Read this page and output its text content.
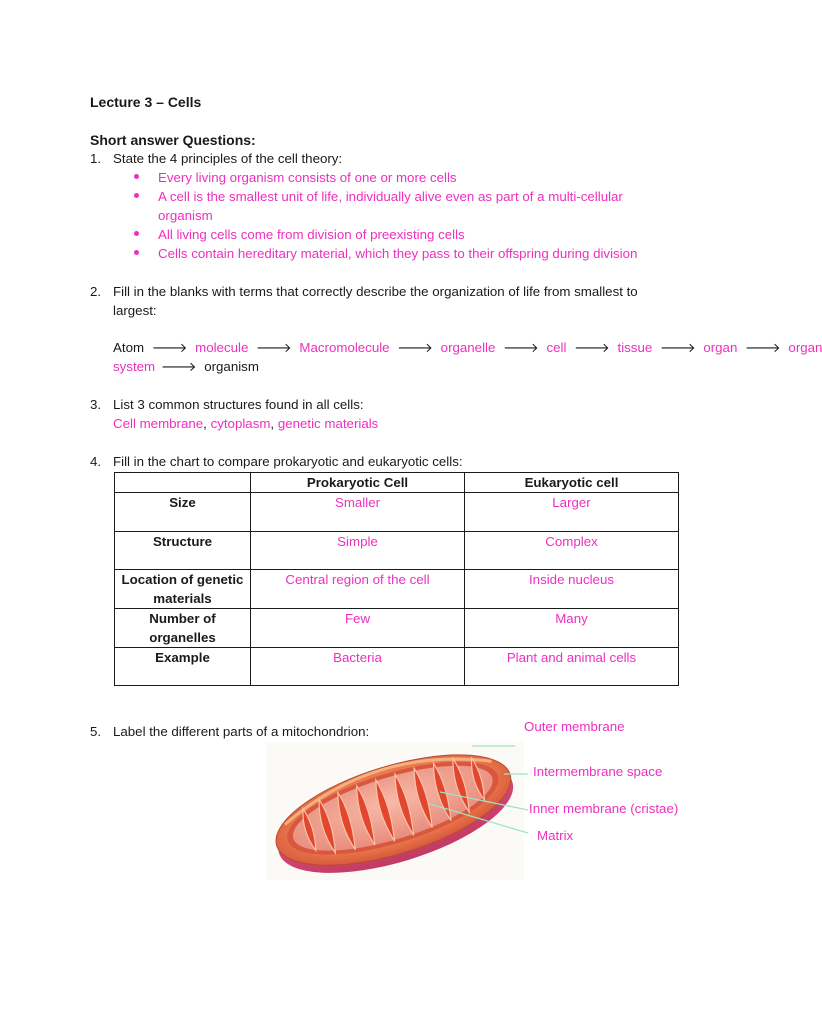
Lecture 3 – Cells
Short answer Questions:
1. State the 4 principles of the cell theory:
Every living organism consists of one or more cells
A cell is the smallest unit of life, individually alive even as part of a multi-cellular
organism
All living cells come from division of preexisting cells
Cells contain hereditary material, which they pass to their offspring during division
2. Fill in the blanks with terms that correctly describe the organization of life from smallest to
largest:
Atom 🡒 molecule 🡒 Macromolecule 🡒 organelle 🡒 cell 🡒 tissue 🡒 organ 🡒 organ
system 🡒 organism
3. List 3 common structures found in all cells:
Cell membrane, cytoplasm, genetic materials
4. Fill in the chart to compare prokaryotic and eukaryotic cells:
	Prokaryotic Cell	Eukaryotic cell
Size	Smaller	Larger
Structure	Simple	Complex
Location of genetic materials	Central region of the cell	Inside nucleus
Number of organelles	Few	Many
Example	Bacteria	Plant and animal cells
5. Label the different parts of a mitochondrion:	Outer membrane
Intermembrane space
Inner membrane (cristae)
Matrix
